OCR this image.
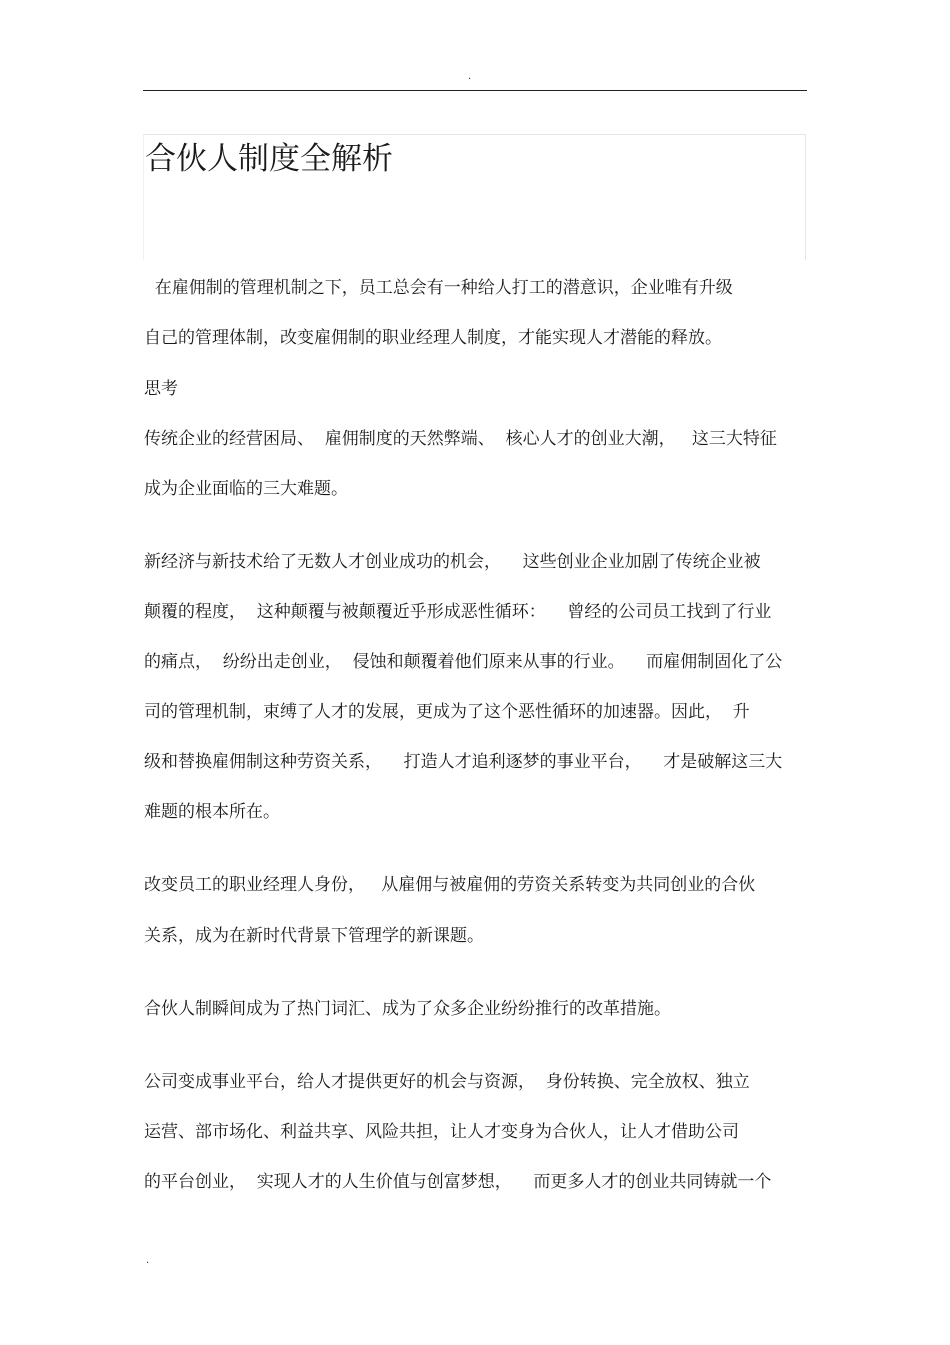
.
合伙人制度全解析

在雇佣制的管理机制之下，员工总会有一种给人打工的潜意识，企业唯有升级

自己的管理体制，改变雇佣制的职业经理人制度，才能实现人才潜能的释放。

思考

传统企业的经营困局、  雇佣制度的天然弊端、  核心人才的创业大潮，   这三大特征

成为企业面临的三大难题。

新经济与新技术给了无数人才创业成功的机会，    这些创业企业加剧了传统企业被

颠覆的程度，  这种颠覆与被颠覆近乎形成恶性循环：    曾经的公司员工找到了行业

的痛点，  纷纷出走创业，  侵蚀和颠覆着他们原来从事的行业。    而雇佣制固化了公

司的管理机制，束缚了人才的发展，更成为了这个恶性循环的加速器。因此，  升

级和替换雇佣制这种劳资关系，    打造人才追利逐梦的事业平台，    才是破解这三大

难题的根本所在。

改变员工的职业经理人身份，   从雇佣与被雇佣的劳资关系转变为共同创业的合伙

关系，成为在新时代背景下管理学的新课题。

合伙人制瞬间成为了热门词汇、成为了众多企业纷纷推行的改革措施。

公司变成事业平台，给人才提供更好的机会与资源，  身份转换、完全放权、独立

运营、部市场化、利益共享、风险共担，让人才变身为合伙人，让人才借助公司

的平台创业，  实现人才的人生价值与创富梦想，    而更多人才的创业共同铸就一个

.
